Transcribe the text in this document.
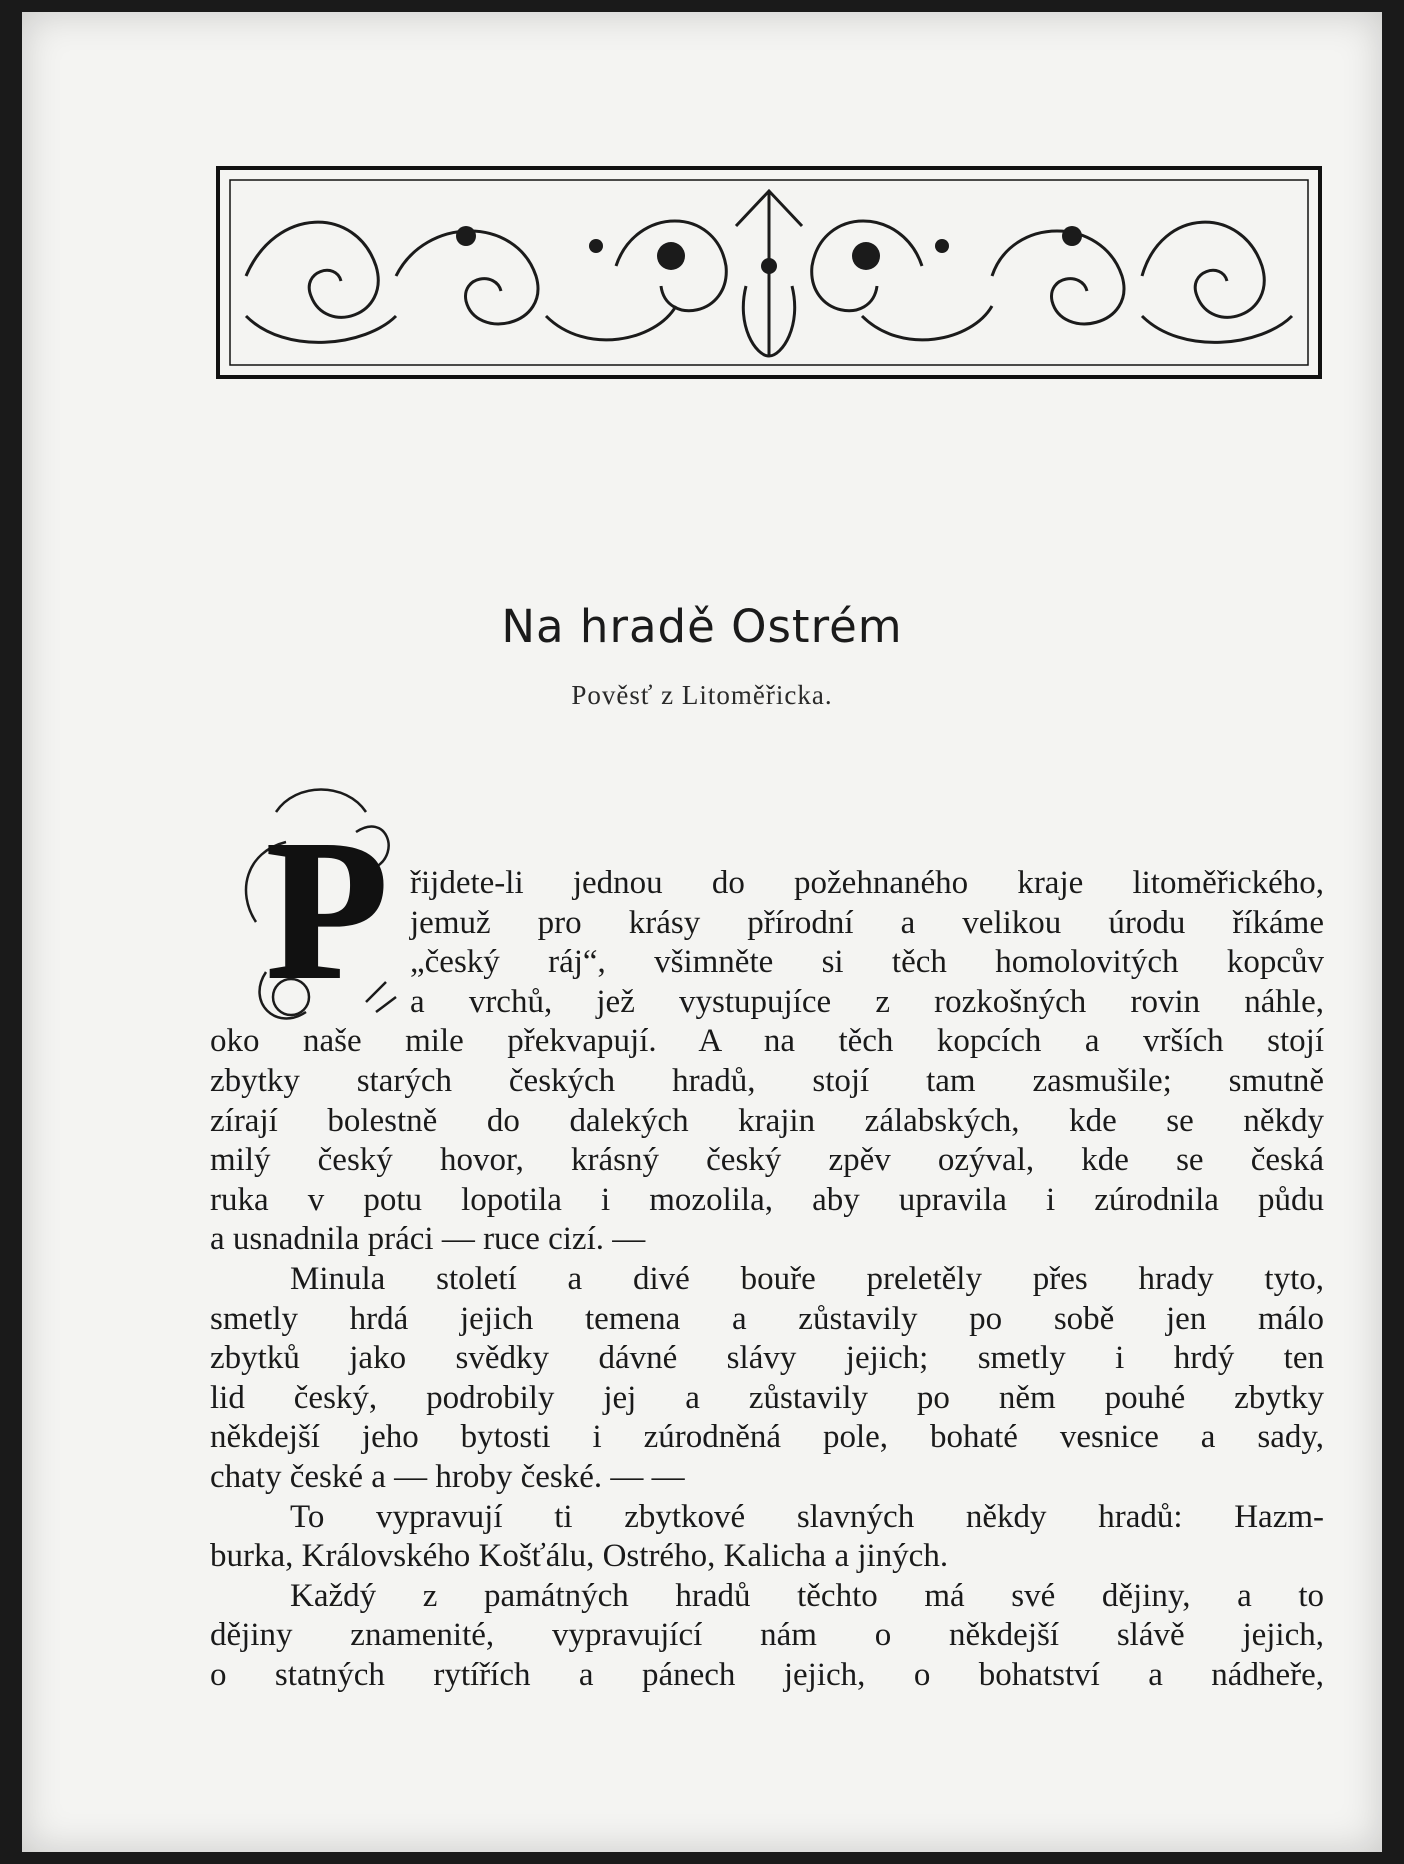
Na hradě Ostrém
Pověsť z Litoměřicka.
P řijdete-li jednou do požehnaného kraje litoměřického,
jemuž pro krásy přírodní a velikou úrodu říkáme
„český ráj“, všimněte si těch homolovitých kopcův
a vrchů, jež vystupujíce z rozkošných rovin náhle,
oko naše mile překvapují. A na těch kopcích a vrších stojí
zbytky starých českých hradů, stojí tam zasmušile; smutně
zírají bolestně do dalekých krajin zálabských, kde se někdy
milý český hovor, krásný český zpěv ozýval, kde se česká
ruka v potu lopotila i mozolila, aby upravila i zúrodnila půdu
a usnadnila práci — ruce cizí. —
Minula století a divé bouře preletěly přes hrady tyto,
smetly hrdá jejich temena a zůstavily po sobě jen málo
zbytků jako svědky dávné slávy jejich; smetly i hrdý ten
lid český, podrobily jej a zůstavily po něm pouhé zbytky
někdejší jeho bytosti i zúrodněná pole, bohaté vesnice a sady,
chaty české a — hroby české. — —
To vypravují ti zbytkové slavných někdy hradů: Hazm-
burka, Královského Košťálu, Ostrého, Kalicha a jiných.
Každý z památných hradů těchto má své dějiny, a to
dějiny znamenité, vypravující nám o někdejší slávě jejich,
o statných rytířích a pánech jejich, o bohatství a nádheře,
